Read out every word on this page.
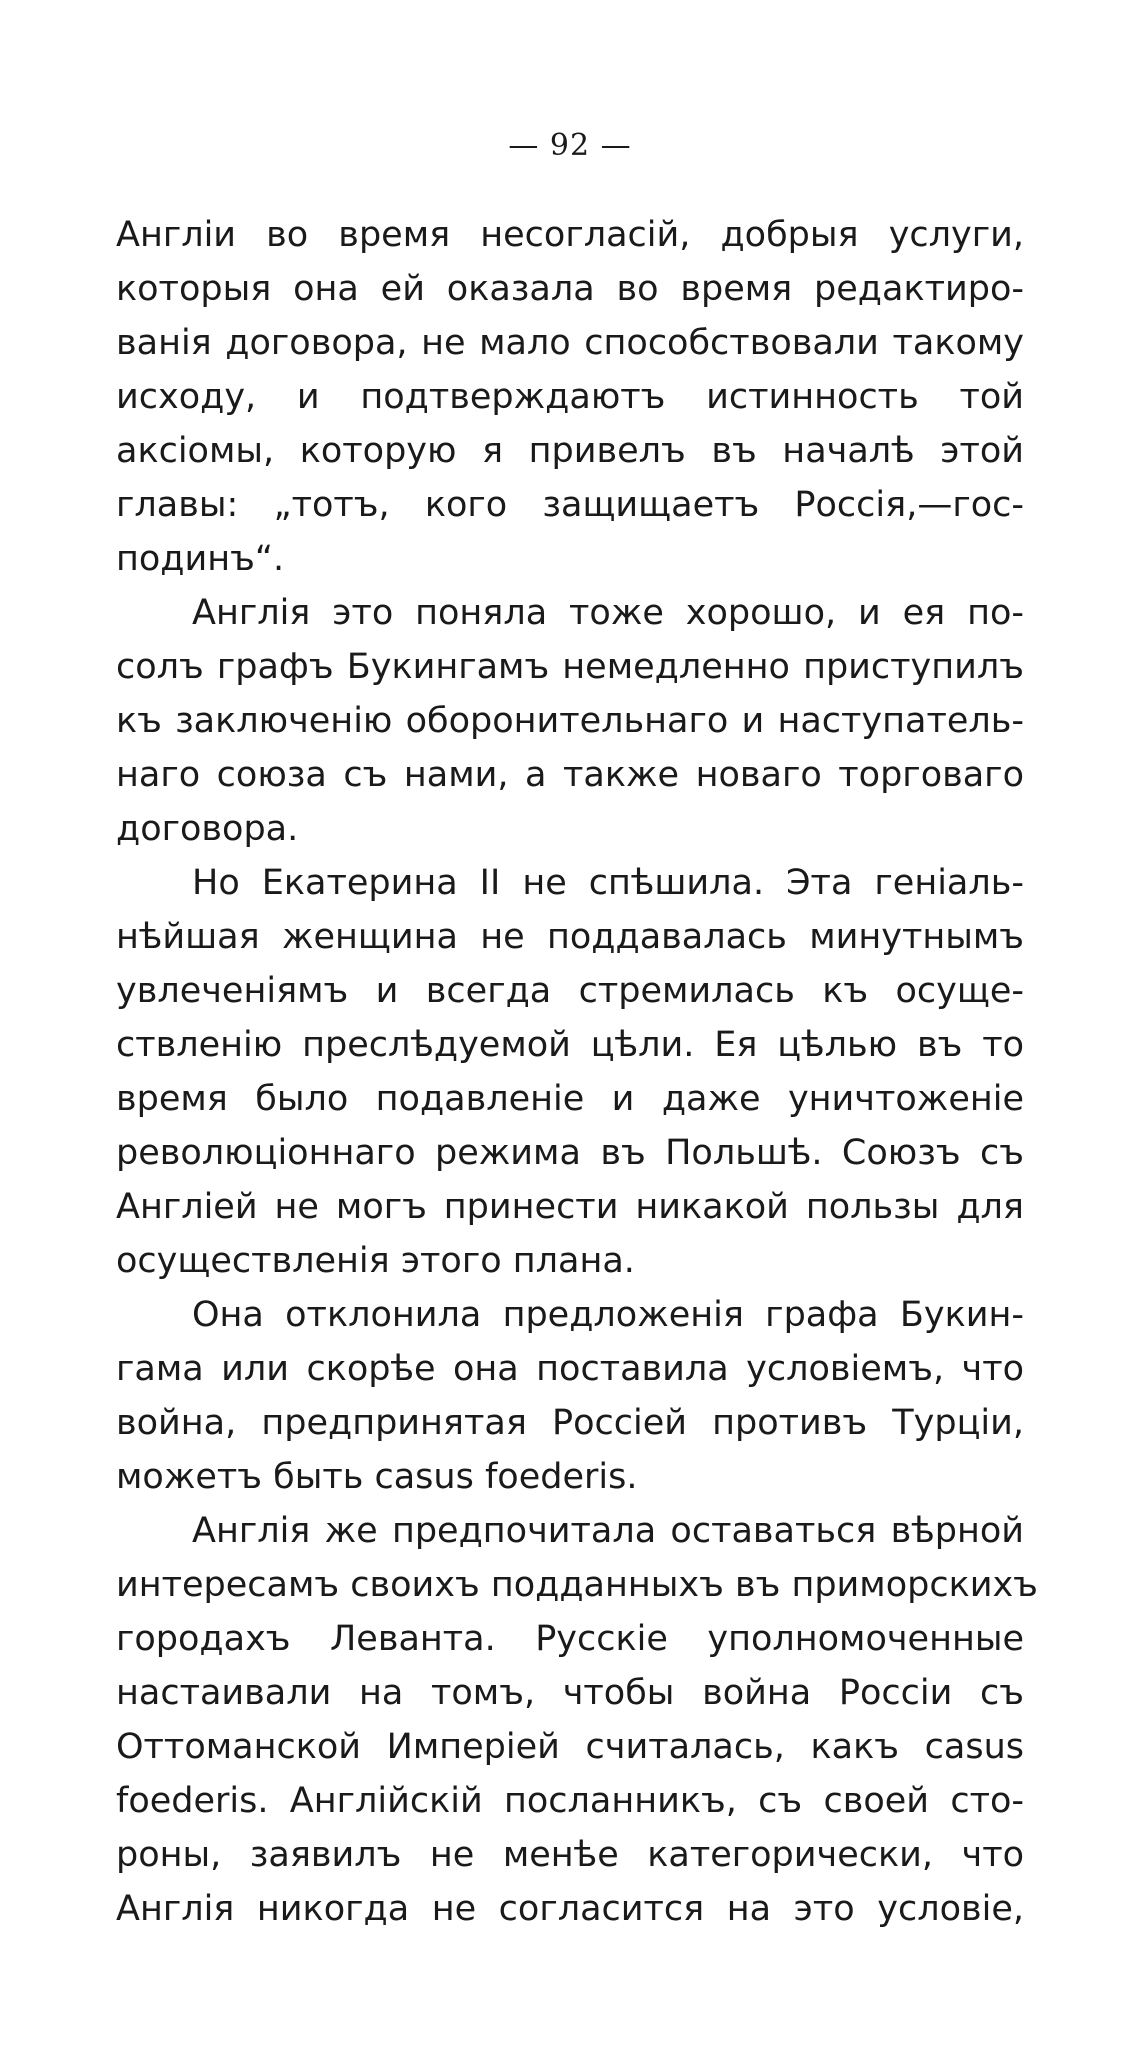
— 92 —
Англіи во время несогласій, добрыя услуги,
которыя она ей оказала во время редактиро-
ванія договора, не мало способствовали такому
исходу, и подтверждаютъ истинность той
аксіомы, которую я привелъ въ началѣ этой
главы: „тотъ, кого защищаетъ Россія,—гос-
подинъ“.
Англія это поняла тоже хорошо, и ея по-
солъ графъ Букингамъ немедленно приступилъ
къ заключенію оборонительнаго и наступатель-
наго союза съ нами, а также новаго торговаго
договора.
Но Екатерина II не спѣшила. Эта геніаль-
нѣйшая женщина не поддавалась минутнымъ
увлеченіямъ и всегда стремилась къ осуще-
ствленію преслѣдуемой цѣли. Ея цѣлью въ то
время было подавленіе и даже уничтоженіе
революціоннаго режима въ Польшѣ. Союзъ съ
Англіей не могъ принести никакой пользы для
осуществленія этого плана.
Она отклонила предложенія графа Букин-
гама или скорѣе она поставила условіемъ, что
война, предпринятая Россіей противъ Турціи,
можетъ быть casus foederis.
Англія же предпочитала оставаться вѣрной
интересамъ своихъ подданныхъ въ приморскихъ
городахъ Леванта. Русскіе уполномоченные
настаивали на томъ, чтобы война Россіи съ
Оттоманской Имперіей считалась, какъ casus
foederis. Англійскій посланникъ, съ своей сто-
роны, заявилъ не менѣе категорически, что
Англія никогда не согласится на это условіе,
